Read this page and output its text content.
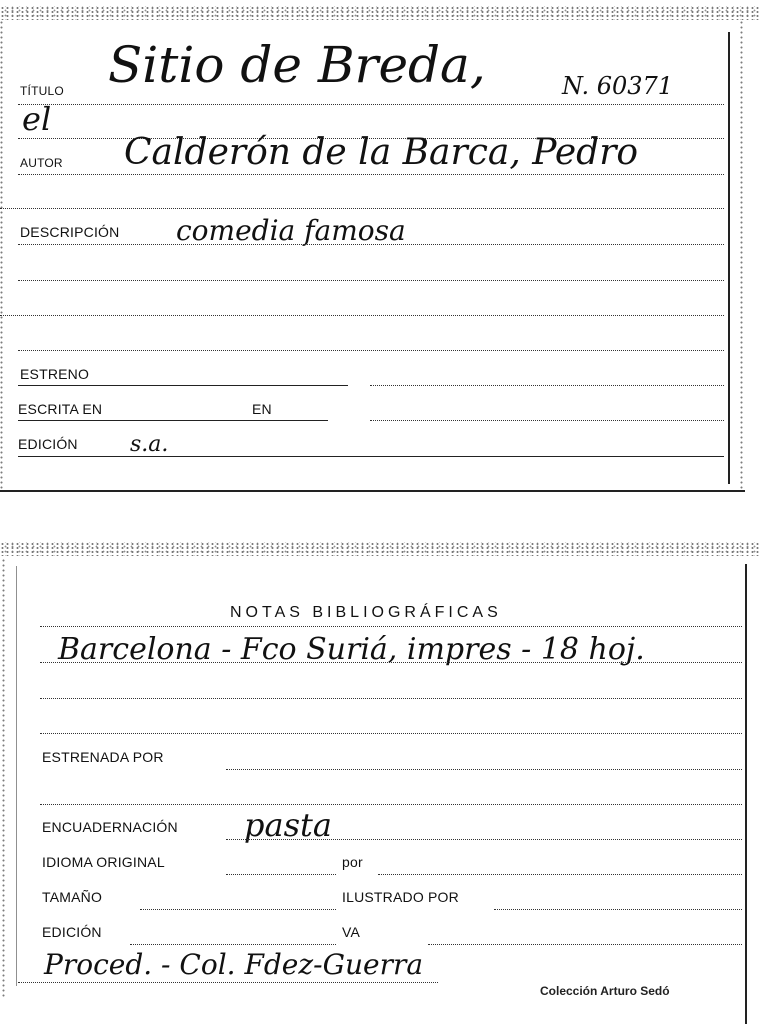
TÍTULO Sitio de Breda,	N. 60371
el
AUTOR Calderón de la Barca, Pedro
DESCRIPCIÓN comedia famosa
ESTRENO
ESCRITA EN	EN
EDICIÓN s.a.
NOTAS BIBLIOGRÁFICAS
Barcelona - Fco Suriá, impres - 18 hoj.
ESTRENADA POR
ENCUADERNACIÓN pasta
IDIOMA ORIGINAL	por
TAMAÑO	ILUSTRADO POR
EDICIÓN	VA
Proced. - Col. Fdez-Guerra
Colección Arturo Sedó
